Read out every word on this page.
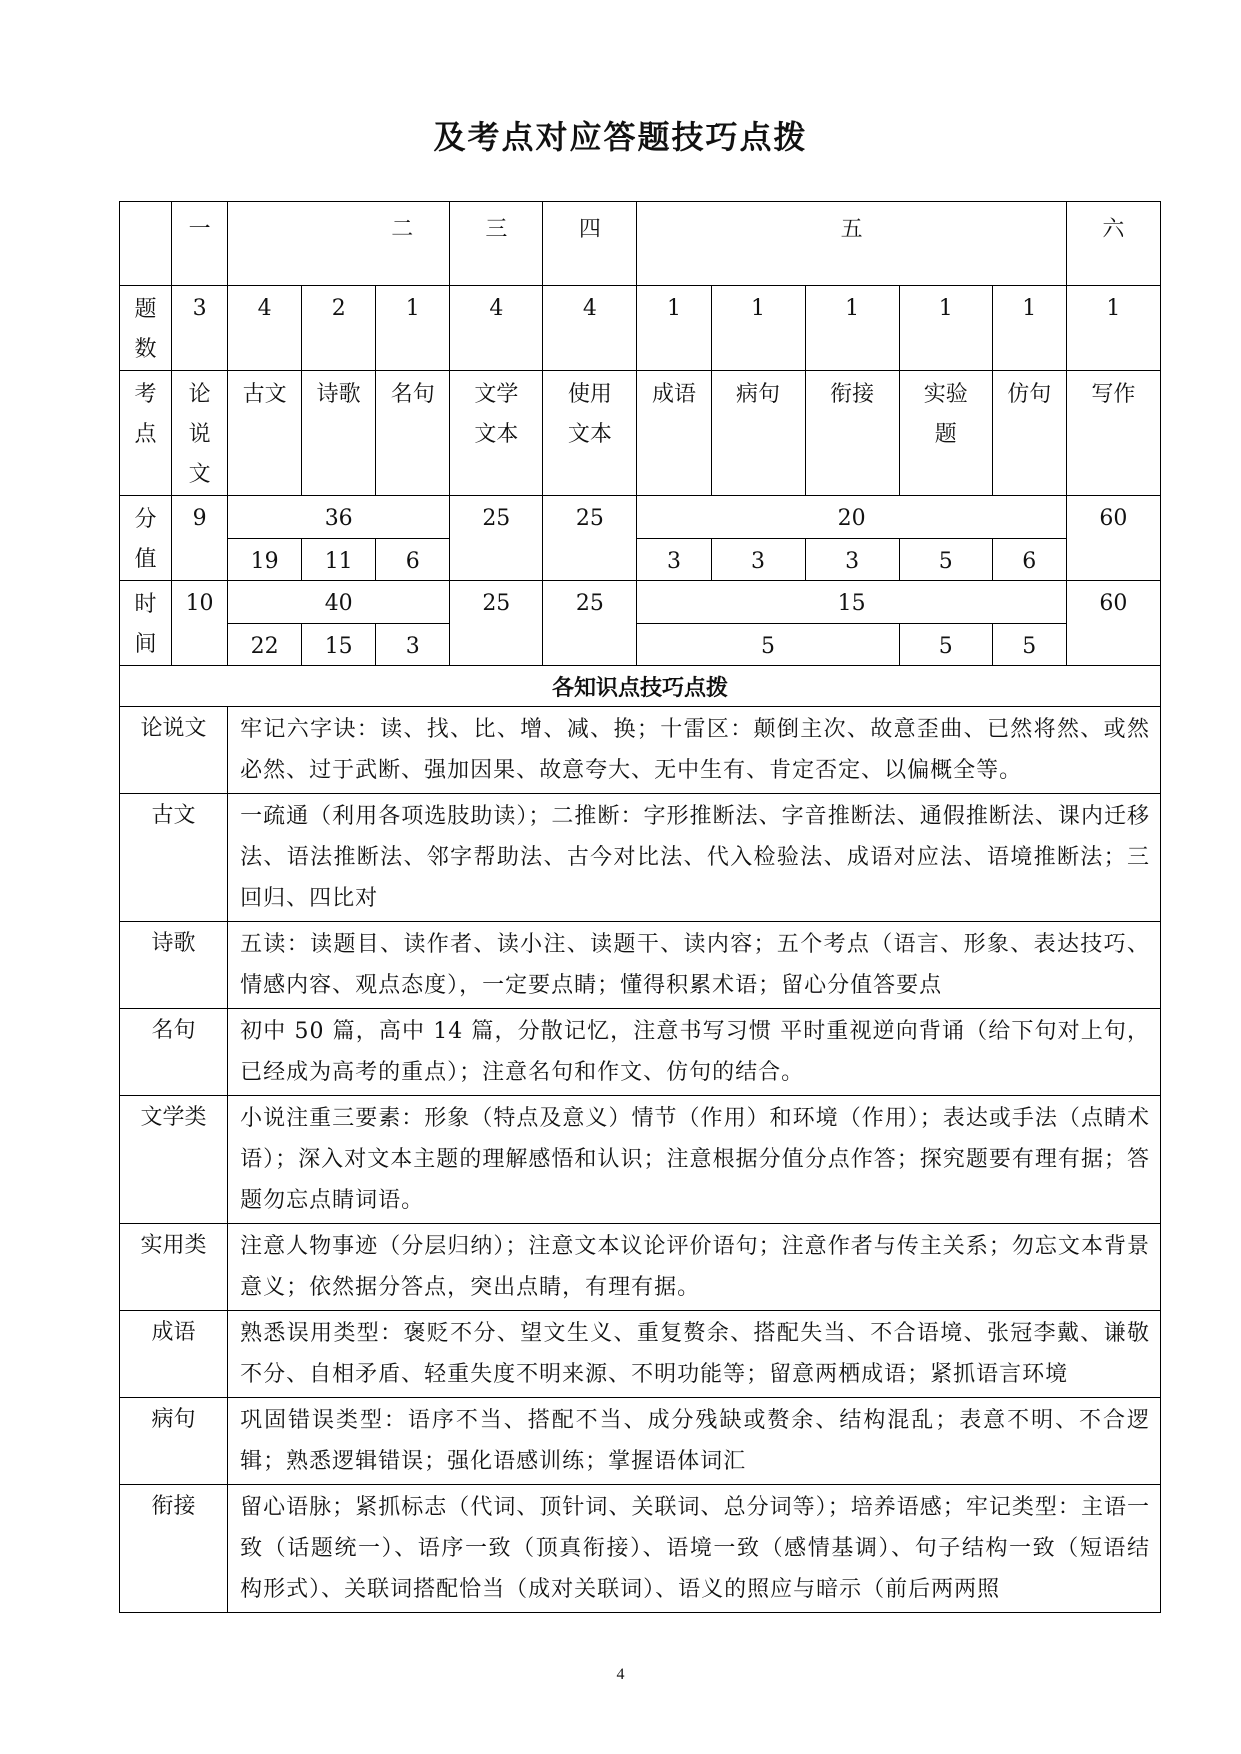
及考点对应答题技巧点拨
	一	二			三	四	五					六

题
数	3	4	2	1	4	4	1	1	1	1	1	1

考
点	论说文	古文	诗歌	名句	文学文本	使用文本	成语	病句	衔接	实验题	仿句	写作

分
值	9	36			25	25	20					60
		19	11	6			3	3	3	5	6	

时
间	10	40			25	25	15					60
		22	15	3			5			5	5	
各知识点技巧点拨												
论说文		牢记六字诀：读、找、比、增、减、换；十雷区：颠倒主次、故意歪曲、已然将然、或然必然、过于武断、强加因果、故意夸大、无中生有、肯定否定、以偏概全等。										
古文		一疏通（利用各项选肢助读）；二推断：字形推断法、字音推断法、通假推断法、课内迁移法、语法推断法、邻字帮助法、古今对比法、代入检验法、成语对应法、语境推断法；三回归、四比对										
诗歌		五读：读题目、读作者、读小注、读题干、读内容；五个考点（语言、形象、表达技巧、情感内容、观点态度），一定要点睛；懂得积累术语；留心分值答要点										
名句		初中 50 篇，高中 14 篇，分散记忆，注意书写习惯 平时重视逆向背诵（给下句对上句，已经成为高考的重点）；注意名句和作文、仿句的结合。										
文学类		小说注重三要素：形象（特点及意义）情节（作用）和环境（作用）；表达或手法（点睛术语）；深入对文本主题的理解感悟和认识；注意根据分值分点作答；探究题要有理有据；答题勿忘点睛词语。										
实用类		注意人物事迹（分层归纳）；注意文本议论评价语句；注意作者与传主关系；勿忘文本背景意义；依然据分答点，突出点睛，有理有据。										
成语		熟悉误用类型：褒贬不分、望文生义、重复赘余、搭配失当、不合语境、张冠李戴、谦敬不分、自相矛盾、轻重失度不明来源、不明功能等；留意两栖成语；紧抓语言环境										
病句		巩固错误类型：语序不当、搭配不当、成分残缺或赘余、结构混乱；表意不明、不合逻辑；熟悉逻辑错误；强化语感训练；掌握语体词汇										
衔接		留心语脉；紧抓标志（代词、顶针词、关联词、总分词等）；培养语感；牢记类型：主语一致（话题统一）、语序一致（顶真衔接）、语境一致（感情基调）、句子结构一致（短语结构形式）、关联词搭配恰当（成对关联词）、语义的照应与暗示（前后两两照										
4
